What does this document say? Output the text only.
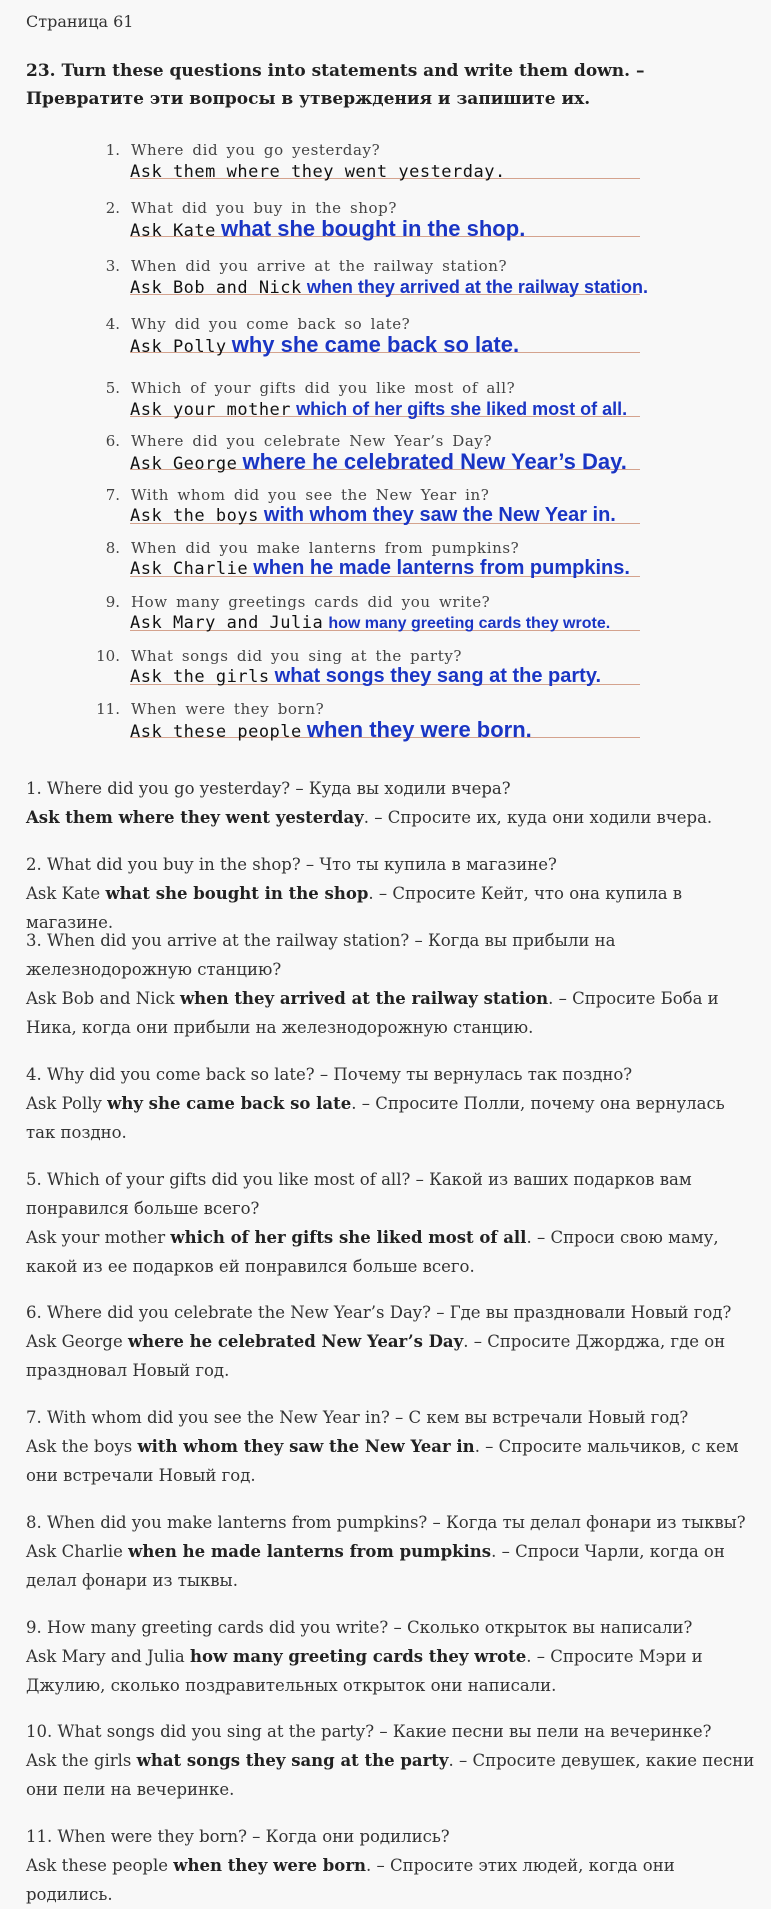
Страница 61
23. Turn these questions into statements and write them down. – Превратите эти вопросы в утверждения и запишите их.
1. Where did you go yesterday?
Ask them where they went yesterday.
2. What did you buy in the shop?
Ask Kate what she bought in the shop.
3. When did you arrive at the railway station?
Ask Bob and Nick when they arrived at the railway station.
4. Why did you come back so late?
Ask Polly why she came back so late.
5. Which of your gifts did you like most of all?
Ask your mother which of her gifts she liked most of all.
6. Where did you celebrate New Year’s Day?
Ask George where he celebrated New Year’s Day.
7. With whom did you see the New Year in?
Ask the boys with whom they saw the New Year in.
8. When did you make lanterns from pumpkins?
Ask Charlie when he made lanterns from pumpkins.
9. How many greetings cards did you write?
Ask Mary and Julia how many greeting cards they wrote.
10. What songs did you sing at the party?
Ask the girls what songs they sang at the party.
11. When were they born?
Ask these people when they were born.

1. Where did you go yesterday? – Куда вы ходили вчера?

Ask them where they went yesterday. – Спросите их, куда они ходили вчера.

2. What did you buy in the shop? – Что ты купила в магазине?

Ask Kate what she bought in the shop. – Спросите Кейт, что она купила в магазине.

3. When did you arrive at the railway station? – Когда вы прибыли на железнодорожную станцию?

Ask Bob and Nick when they arrived at the railway station. – Спросите Боба и Ника, когда они прибыли на железнодорожную станцию.

4. Why did you come back so late? – Почему ты вернулась так поздно?

Ask Polly why she came back so late. – Спросите Полли, почему она вернулась так поздно.

5. Which of your gifts did you like most of all? – Какой из ваших подарков вам понравился больше всего?

Ask your mother which of her gifts she liked most of all. – Спроси свою маму, какой из ее подарков ей понравился больше всего.

6. Where did you celebrate the New Year’s Day? – Где вы праздновали Новый год?

Ask George where he celebrated New Year’s Day. – Спросите Джорджа, где он праздновал Новый год.

7. With whom did you see the New Year in? – С кем вы встречали Новый год?

Ask the boys with whom they saw the New Year in. – Спросите мальчиков, с кем они встречали Новый год.

8. When did you make lanterns from pumpkins? – Когда ты делал фонари из тыквы?

Ask Charlie when he made lanterns from pumpkins. – Спроси Чарли, когда он делал фонари из тыквы.

9. How many greeting cards did you write? – Сколько открыток вы написали?

Ask Mary and Julia how many greeting cards they wrote. – Спросите Мэри и Джулию, сколько поздравительных открыток они написали.

10. What songs did you sing at the party? – Какие песни вы пели на вечеринке?

Ask the girls what songs they sang at the party. – Спросите девушек, какие песни они пели на вечеринке.

11. When were they born? – Когда они родились?

Ask these people when they were born. – Спросите этих людей, когда они родились.
